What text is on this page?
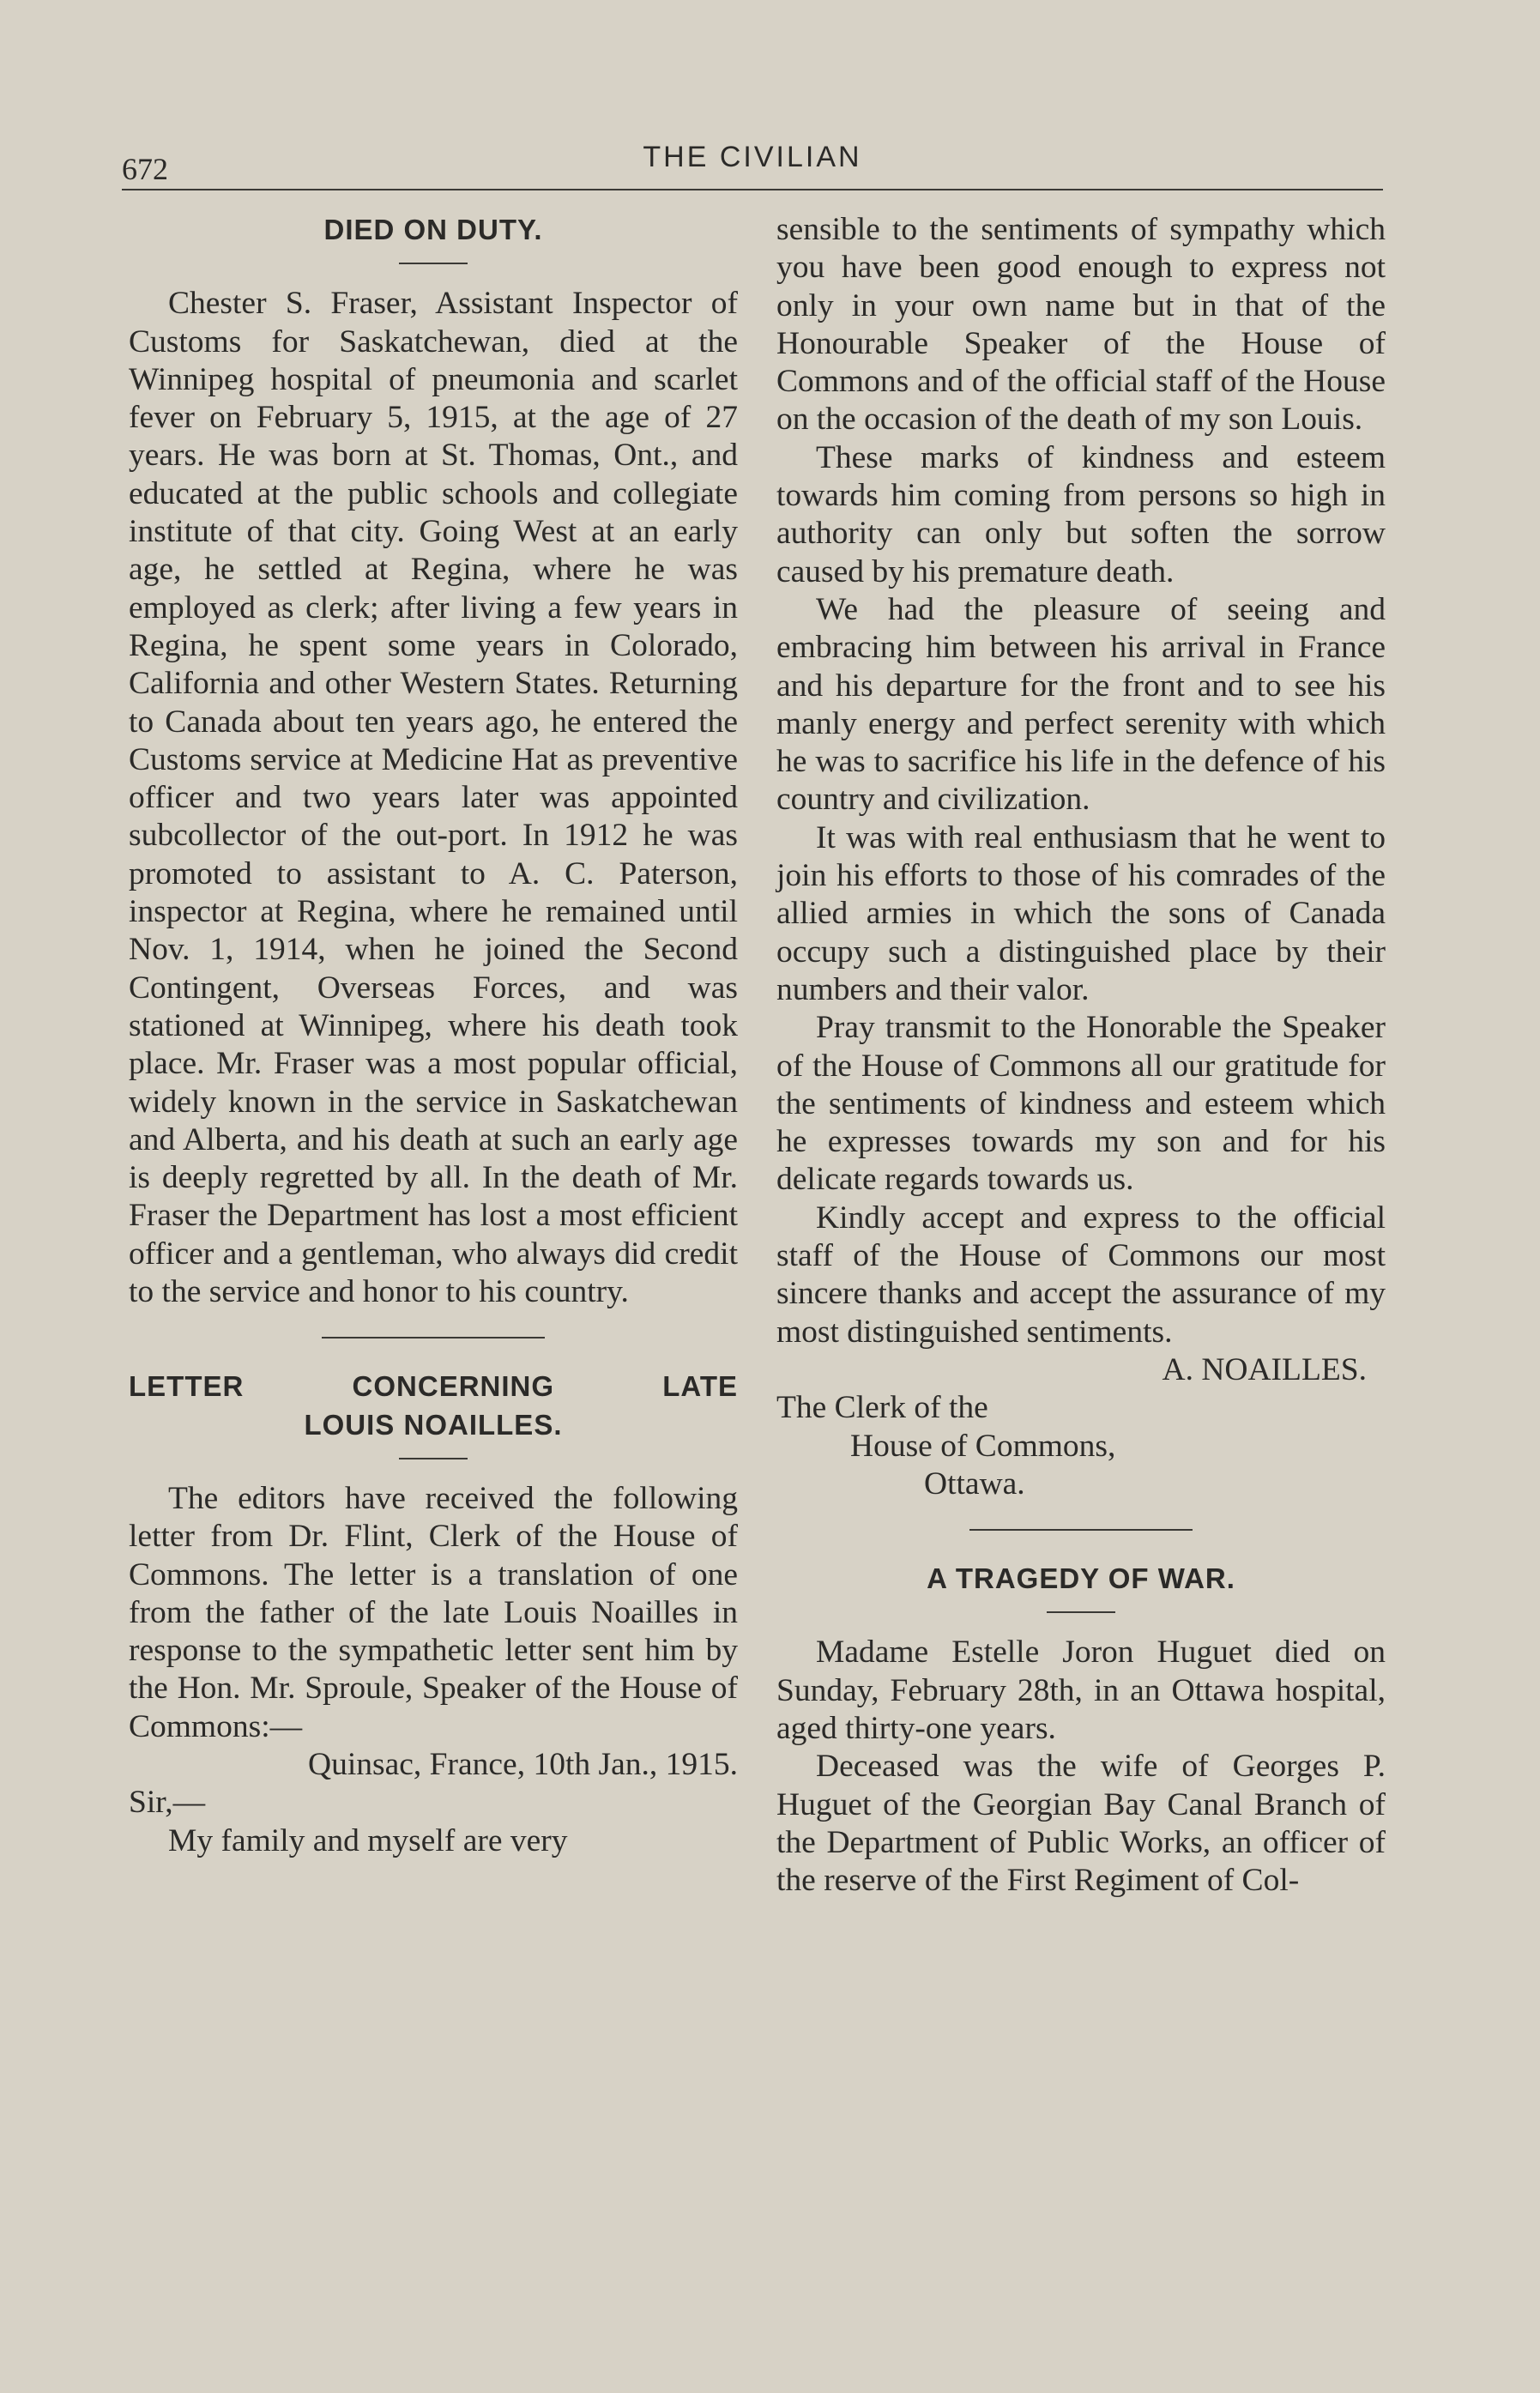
672	THE CIVILIAN
DIED ON DUTY.

Chester S. Fraser, Assistant Inspector of Customs for Saskatchewan, died at the Winnipeg hospital of pneumonia and scarlet fever on February 5, 1915, at the age of 27 years. He was born at St. Thomas, Ont., and educated at the public schools and collegiate institute of that city. Going West at an early age, he settled at Regina, where he was employed as clerk; after living a few years in Regina, he spent some years in Colorado, California and other Western States. Returning to Canada about ten years ago, he entered the Customs service at Medicine Hat as preventive officer and two years later was appointed subcollector of the out-port. In 1912 he was promoted to assistant to A. C. Paterson, inspector at Regina, where he remained until Nov. 1, 1914, when he joined the Second Contingent, Overseas Forces, and was stationed at Winnipeg, where his death took place. Mr. Fraser was a most popular official, widely known in the service in Saskatchewan and Alberta, and his death at such an early age is deeply regretted by all. In the death of Mr. Fraser the Department has lost a most efficient officer and a gentleman, who always did credit to the service and honor to his country.

LETTER CONCERNING LATE
LOUIS NOAILLES.

The editors have received the following letter from Dr. Flint, Clerk of the House of Commons. The letter is a translation of one from the father of the late Louis Noailles in response to the sympathetic letter sent him by the Hon. Mr. Sproule, Speaker of the House of Commons:—

Quinsac, France, 10th Jan., 1915.

Sir,—

My family and myself are very

sensible to the sentiments of sympathy which you have been good enough to express not only in your own name but in that of the Honourable Speaker of the House of Commons and of the official staff of the House on the occasion of the death of my son Louis.

These marks of kindness and esteem towards him coming from persons so high in authority can only but soften the sorrow caused by his premature death.

We had the pleasure of seeing and embracing him between his arrival in France and his departure for the front and to see his manly energy and perfect serenity with which he was to sacrifice his life in the defence of his country and civilization.

It was with real enthusiasm that he went to join his efforts to those of his comrades of the allied armies in which the sons of Canada occupy such a distinguished place by their numbers and their valor.

Pray transmit to the Honorable the Speaker of the House of Commons all our gratitude for the sentiments of kindness and esteem which he expresses towards my son and for his delicate regards towards us.

Kindly accept and express to the official staff of the House of Commons our most sincere thanks and accept the assurance of my most distinguished sentiments.

A. NOAILLES.

The Clerk of the

House of Commons,

Ottawa.

A TRAGEDY OF WAR.

Madame Estelle Joron Huguet died on Sunday, February 28th, in an Ottawa hospital, aged thirty-one years.

Deceased was the wife of Georges P. Huguet of the Georgian Bay Canal Branch of the Department of Public Works, an officer of the reserve of the First Regiment of Col-
